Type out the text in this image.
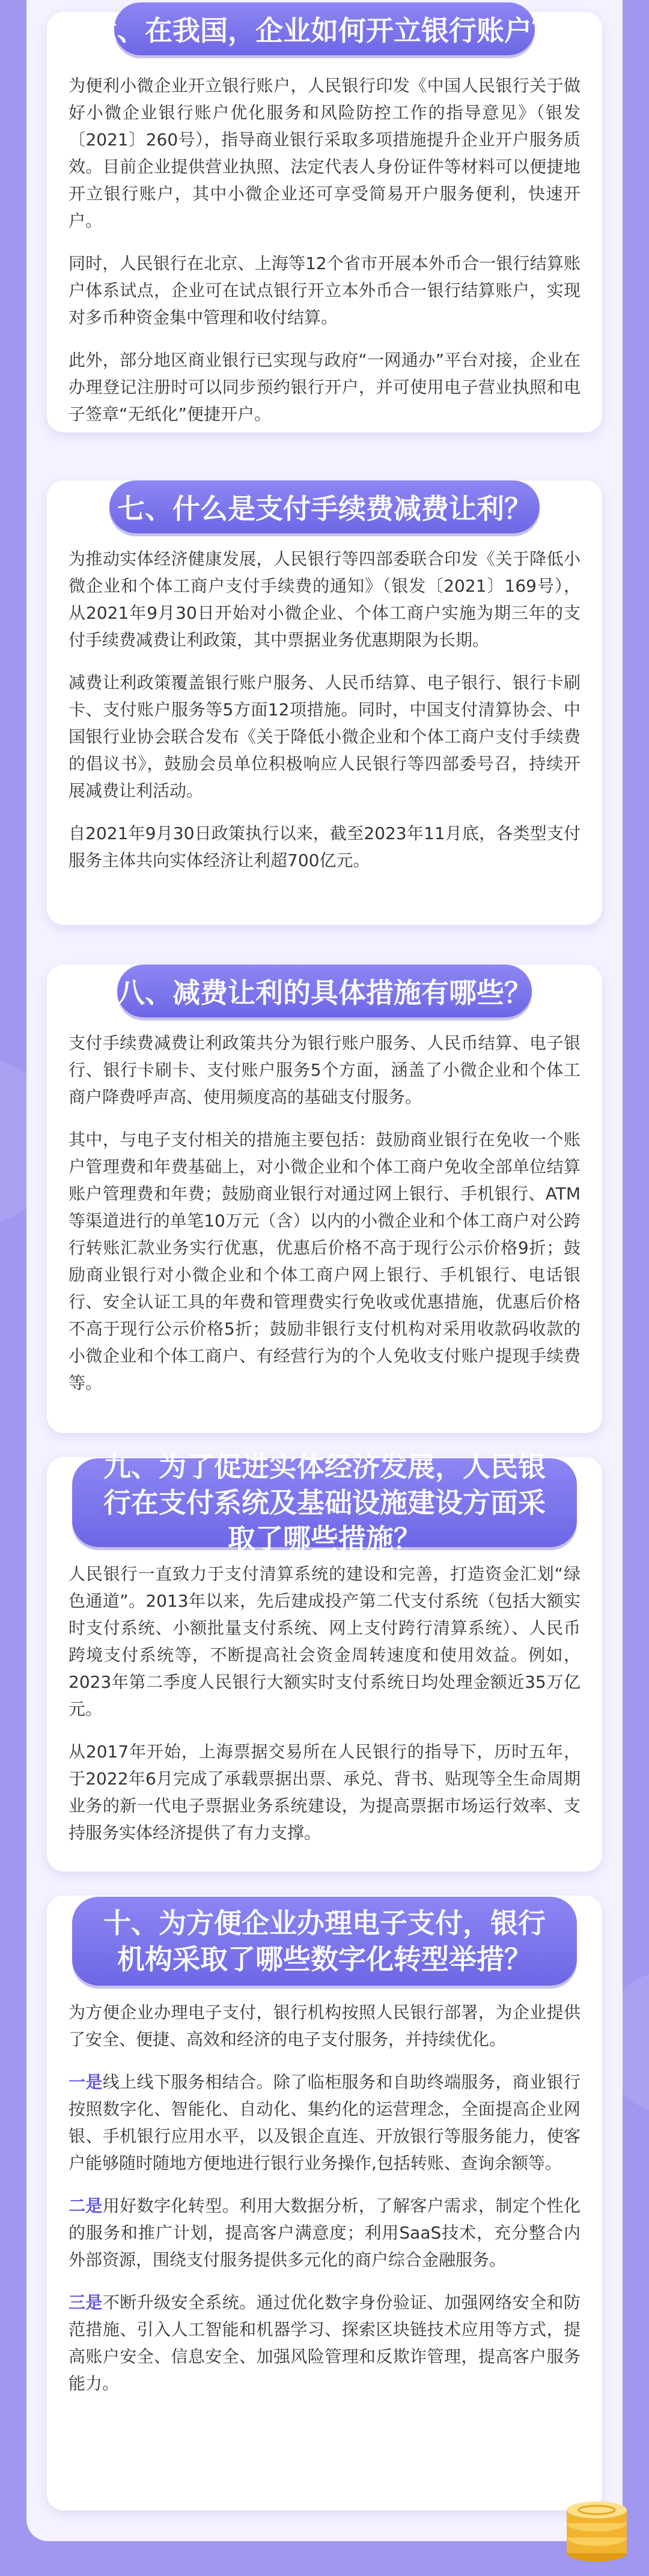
六、在我国，企业如何开立银行账户？

为便利小微企业开立银行账户，人民银行印发《中国人民银行关于做好小微企业银行账户优化服务和风险防控工作的指导意见》（银发〔2021〕260号），指导商业银行采取多项措施提升企业开户服务质效。目前企业提供营业执照、法定代表人身份证件等材料可以便捷地开立银行账户，其中小微企业还可享受简易开户服务便利，快速开户。

同时，人民银行在北京、上海等12个省市开展本外币合一银行结算账户体系试点，企业可在试点银行开立本外币合一银行结算账户，实现对多币种资金集中管理和收付结算。

此外，部分地区商业银行已实现与政府“一网通办”平台对接，企业在办理登记注册时可以同步预约银行开户，并可使用电子营业执照和电子签章“无纸化”便捷开户。

七、什么是支付手续费减费让利？

为推动实体经济健康发展，人民银行等四部委联合印发《关于降低小微企业和个体工商户支付手续费的通知》（银发〔2021〕169号），从2021年9月30日开始对小微企业、个体工商户实施为期三年的支付手续费减费让利政策，其中票据业务优惠期限为长期。

减费让利政策覆盖银行账户服务、人民币结算、电子银行、银行卡刷卡、支付账户服务等5方面12项措施。同时，中国支付清算协会、中国银行业协会联合发布《关于降低小微企业和个体工商户支付手续费的倡议书》，鼓励会员单位积极响应人民银行等四部委号召，持续开展减费让利活动。

自2021年9月30日政策执行以来，截至2023年11月底，各类型支付服务主体共向实体经济让利超700亿元。

八、减费让利的具体措施有哪些？

支付手续费减费让利政策共分为银行账户服务、人民币结算、电子银行、银行卡刷卡、支付账户服务5个方面，涵盖了小微企业和个体工商户降费呼声高、使用频度高的基础支付服务。

其中，与电子支付相关的措施主要包括：鼓励商业银行在免收一个账户管理费和年费基础上，对小微企业和个体工商户免收全部单位结算账户管理费和年费；鼓励商业银行对通过网上银行、手机银行、ATM等渠道进行的单笔10万元（含）以内的小微企业和个体工商户对公跨行转账汇款业务实行优惠，优惠后价格不高于现行公示价格9折；鼓励商业银行对小微企业和个体工商户网上银行、手机银行、电话银行、安全认证工具的年费和管理费实行免收或优惠措施，优惠后价格不高于现行公示价格5折；鼓励非银行支付机构对采用收款码收款的小微企业和个体工商户、有经营行为的个人免收支付账户提现手续费等。

九、为了促进实体经济发展，人民银行在支付系统及基础设施建设方面采取了哪些措施？

人民银行一直致力于支付清算系统的建设和完善，打造资金汇划“绿色通道”。2013年以来，先后建成投产第二代支付系统（包括大额实时支付系统、小额批量支付系统、网上支付跨行清算系统）、人民币跨境支付系统等，不断提高社会资金周转速度和使用效益。例如，2023年第二季度人民银行大额实时支付系统日均处理金额近35万亿元。

从2017年开始，上海票据交易所在人民银行的指导下，历时五年，于2022年6月完成了承载票据出票、承兑、背书、贴现等全生命周期业务的新一代电子票据业务系统建设，为提高票据市场运行效率、支持服务实体经济提供了有力支撑。

十、为方便企业办理电子支付，银行机构采取了哪些数字化转型举措？

为方便企业办理电子支付，银行机构按照人民银行部署，为企业提供了安全、便捷、高效和经济的电子支付服务，并持续优化。

一是线上线下服务相结合。除了临柜服务和自助终端服务，商业银行按照数字化、智能化、自动化、集约化的运营理念，全面提高企业网银、手机银行应用水平，以及银企直连、开放银行等服务能力，使客户能够随时随地方便地进行银行业务操作,包括转账、查询余额等。

二是用好数字化转型。利用大数据分析，了解客户需求，制定个性化的服务和推广计划，提高客户满意度；利用SaaS技术，充分整合内外部资源，围绕支付服务提供多元化的商户综合金融服务。

三是不断升级安全系统。通过优化数字身份验证、加强网络安全和防范措施、引入人工智能和机器学习、探索区块链技术应用等方式，提高账户安全、信息安全、加强风险管理和反欺诈管理，提高客户服务能力。
